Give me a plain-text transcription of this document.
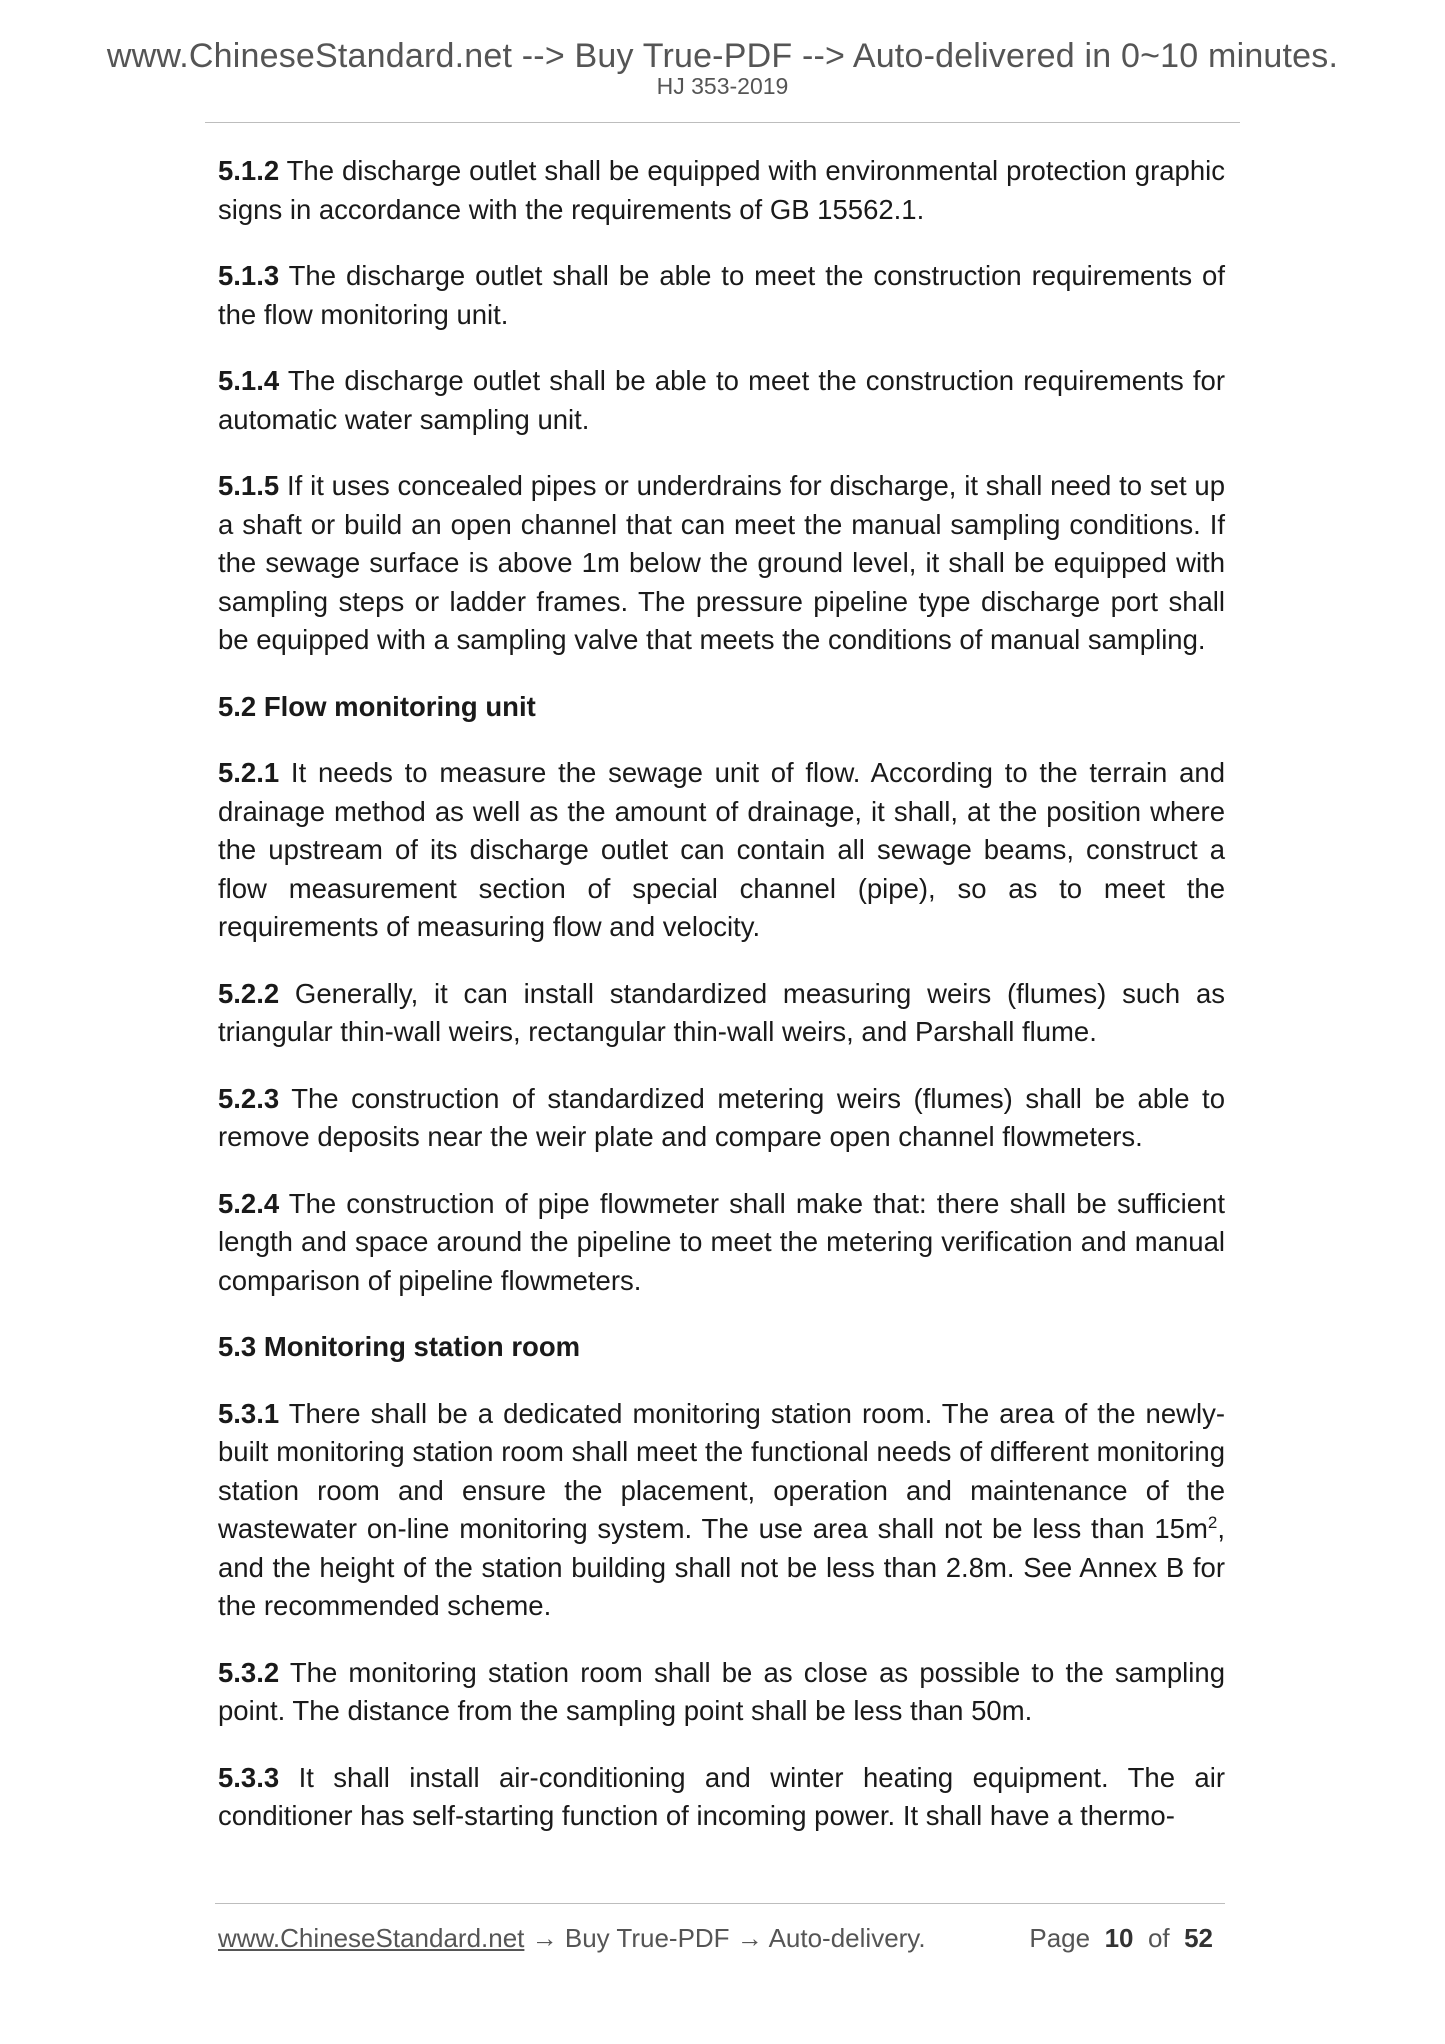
www.ChineseStandard.net --> Buy True-PDF --> Auto-delivered in 0~10 minutes.
HJ 353-2019

5.1.2 The discharge outlet shall be equipped with environmental protection graphic signs in accordance with the requirements of GB 15562.1.

5.1.3 The discharge outlet shall be able to meet the construction requirements of the flow monitoring unit.

5.1.4 The discharge outlet shall be able to meet the construction requirements for automatic water sampling unit.

5.1.5 If it uses concealed pipes or underdrains for discharge, it shall need to set up a shaft or build an open channel that can meet the manual sampling conditions. If the sewage surface is above 1m below the ground level, it shall be equipped with sampling steps or ladder frames. The pressure pipeline type discharge port shall be equipped with a sampling valve that meets the conditions of manual sampling.

5.2 Flow monitoring unit

5.2.1 It needs to measure the sewage unit of flow. According to the terrain and drainage method as well as the amount of drainage, it shall, at the position where the upstream of its discharge outlet can contain all sewage beams, construct a flow measurement section of special channel (pipe), so as to meet the requirements of measuring flow and velocity.

5.2.2 Generally, it can install standardized measuring weirs (flumes) such as triangular thin-wall weirs, rectangular thin-wall weirs, and Parshall flume.

5.2.3 The construction of standardized metering weirs (flumes) shall be able to remove deposits near the weir plate and compare open channel flowmeters.

5.2.4 The construction of pipe flowmeter shall make that: there shall be sufficient length and space around the pipeline to meet the metering verification and manual comparison of pipeline flowmeters.

5.3 Monitoring station room

5.3.1 There shall be a dedicated monitoring station room. The area of the newly-built monitoring station room shall meet the functional needs of different monitoring station room and ensure the placement, operation and maintenance of the wastewater on-line monitoring system. The use area shall not be less than $15m^2$, and the height of the station building shall not be less than 2.8m. See Annex B for the recommended scheme.

5.3.2 The monitoring station room shall be as close as possible to the sampling point. The distance from the sampling point shall be less than 50m.

5.3.3 It shall install air-conditioning and winter heating equipment. The air conditioner has self-starting function of incoming power. It shall have a thermo-

www.ChineseStandard.net → Buy True-PDF → Auto-delivery.	Page 10 of 52
